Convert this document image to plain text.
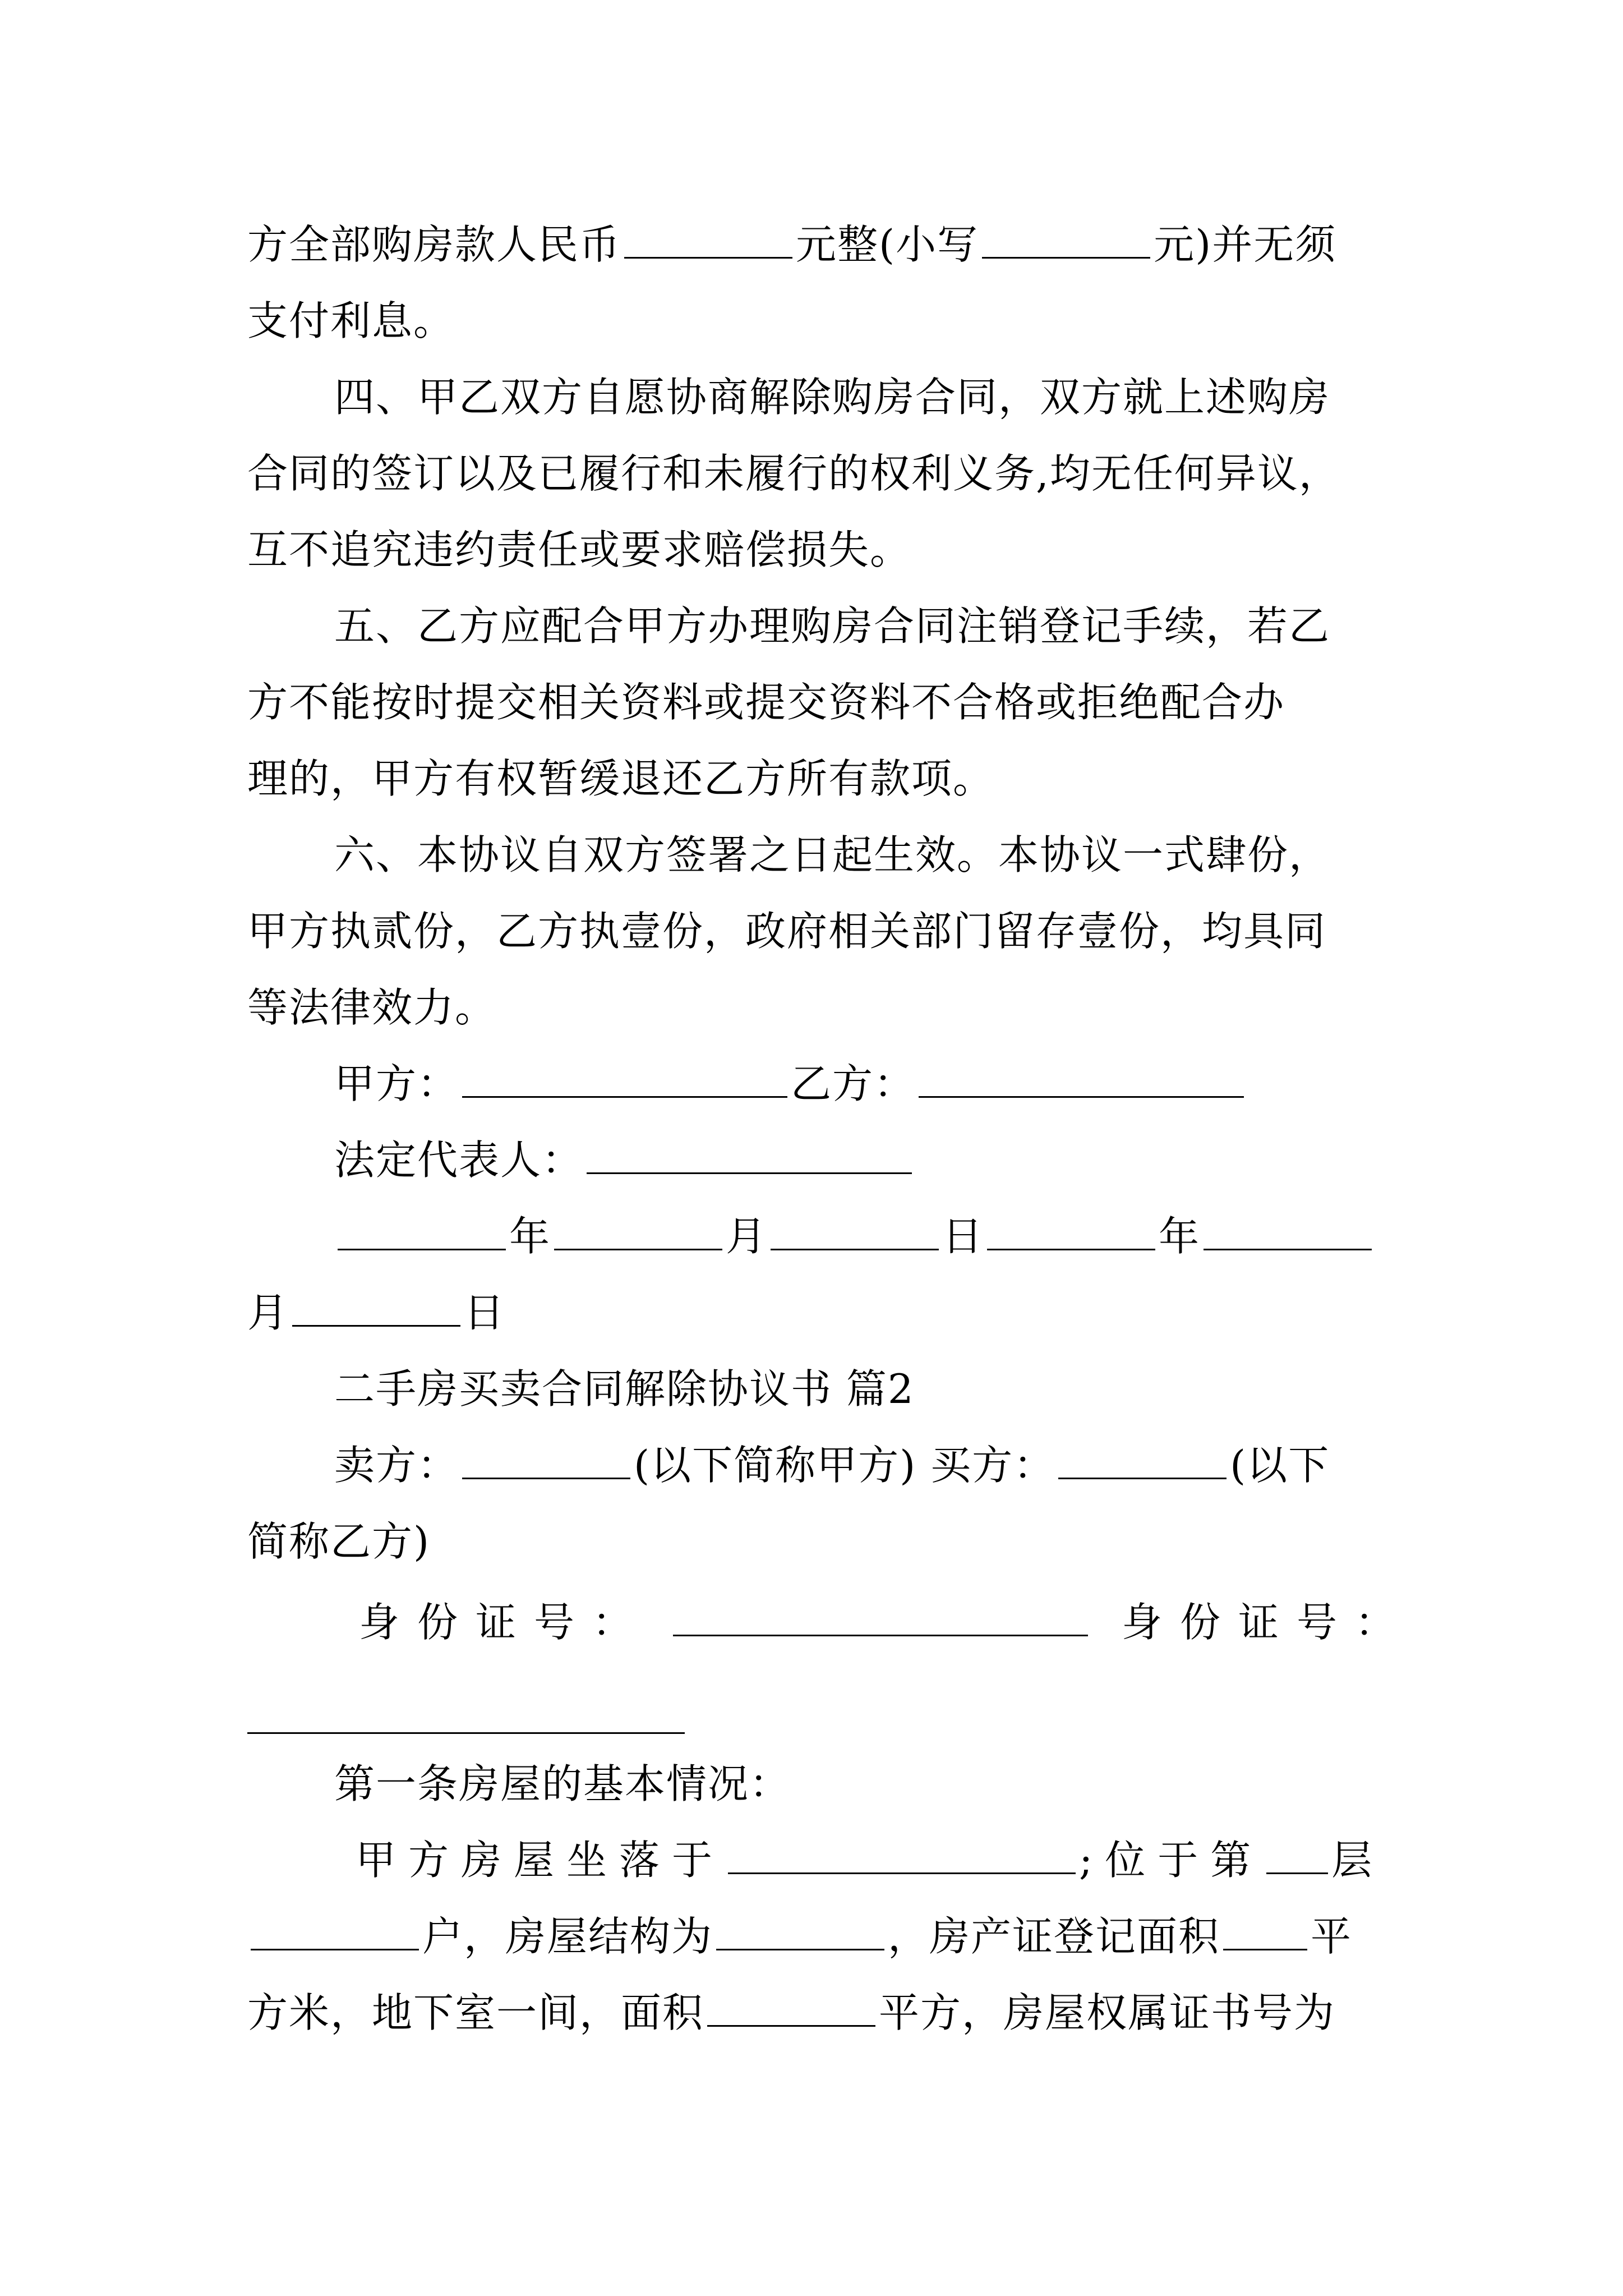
方全部购房款人民币	元整(小写	元)并无须
支付利息。
四、甲乙双方自愿协商解除购房合同，双方就上述购房
合同的签订以及已履行和未履行的权利义务,均无任何异议，
互不追究违约责任或要求赔偿损失。
五、乙方应配合甲方办理购房合同注销登记手续，若乙
方不能按时提交相关资料或提交资料不合格或拒绝配合办
理的，甲方有权暂缓退还乙方所有款项。
六、本协议自双方签署之日起生效。本协议一式肆份，
甲方执贰份，乙方执壹份，政府相关部门留存壹份，均具同
等法律效力。
甲方：	乙方：
法定代表人：
年	月	日	年
月	日
二手房买卖合同解除协议书 篇2
卖方：	(以下简称甲方) 买方：	(以下
简称乙方)
身份证号：	身份证号：
第一条房屋的基本情况：
甲方房屋坐落于	;位于第 层
户，房屋结构为	，房产证登记面积 平
方米，地下室一间，面积	平方，房屋权属证书号为
